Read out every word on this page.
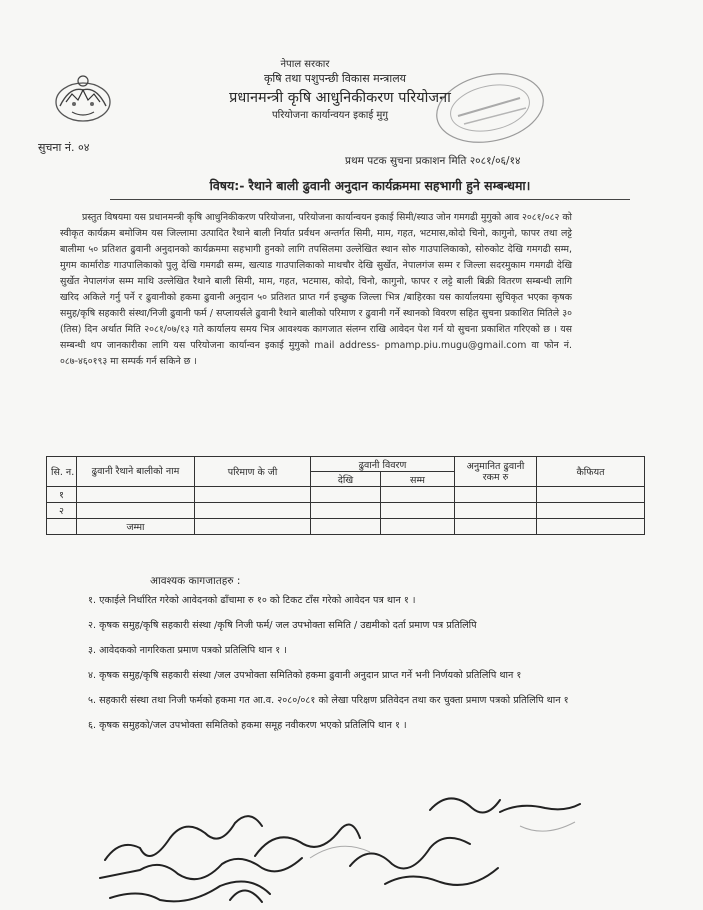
नेपाल सरकार
कृषि तथा पशुपन्छी विकास मन्त्रालय
प्रधानमन्त्री कृषि आधुनिकीकरण परियोजना
परियोजना कार्यान्वयन इकाई मुगु
सुचना नं. ०४
प्रथम पटक सुचना प्रकाशन मिति २०८१/०६/१४
विषय:- रैथाने बाली ढुवानी अनुदान कार्यक्रममा सहभागी हुने सम्बन्धमा।
प्रस्तुत विषयमा यस प्रधानमन्त्री कृषि आधुनिकीकरण परियोजना, परियोजना कार्यान्वयन इकाई सिमी/स्याउ जोन गमगढी मुगुको आव २०८१/०८२ को स्वीकृत कार्यक्रम बमोजिम यस जिल्लामा उत्पादित रैथाने बाली निर्यात प्रर्वधन अन्तर्गत सिमी, माम, गहत, भटमास,कोदो चिनो, कागुनो, फापर तथा लट्टे बालीमा ५० प्रतिशत ढुवानी अनुदानको कार्यक्रममा सहभागी हुनको लागि तपसिलमा उल्लेखित स्थान सोरु गाउपालिकाको, सोरुकोट देखि गमगढी सम्म, मुगम कार्मारोङ गाउपालिकाको पुलु देखि गमगढी सम्म, खत्याड गाउपालिकाको माथचौर देखि सुर्खेत, नेपालगंज सम्म र जिल्ला सदरमुकाम गमगढी देखि सुर्खेत नेपालगंज सम्म माथि उल्लेखित रैथाने बाली सिमी, माम, गहत, भटमास, कोदो, चिनो, कागुनो, फापर र लट्टे बाली बिक्री वितरण सम्बन्धी लागि खरिद अकिले गर्नु पर्ने र ढुवानीको हकमा ढुवानी अनुदान ५० प्रतिशत प्राप्त गर्न इच्छुक जिल्ला भित्र /बाहिरका यस कार्यालयमा सुचिकृत भएका कृषक समुह/कृषि सहकारी संस्था/निजी ढुवानी फर्म / सप्लायर्सले ढुवानी रैथाने बालीको परिमाण र ढुवानी गर्ने स्थानको विवरण सहित सुचना प्रकाशित मितिले ३० (तिस) दिन अर्थात मिति २०८१/०७/१३ गते कार्यालय समय भित्र आवश्यक कागजात संलग्न राखि आवेदन पेश गर्न यो सुचना प्रकाशित गरिएको छ । यस सम्बन्धी थप जानकारीका लागि यस परियोजना कार्यान्वन इकाई मुगुको mail address- pmamp.piu.mugu@gmail.com वा फोन नं. ०८७-४६०१९३ मा सम्पर्क गर्न सकिने छ ।
सि. न.	ढुवानी रैथाने बालीको नाम	परिमाण के जी	ढुवानी विवरण		अनुमानित ढुवानी रकम रु	कैफियत
			देखि	सम्म		
१						
२						
	जम्मा					
आवश्यक कागजातहरु :
१. एकाईले निर्धारित गरेको आवेदनको ढाँचामा रु १० को टिकट टाँस गरेको आवेदन पत्र थान १ ।
२. कृषक समुह/कृषि सहकारी संस्था /कृषि निजी फर्म/ जल उपभोक्ता समिति / उद्यमीको दर्ता प्रमाण पत्र प्रतिलिपि
३. आवेदकको नागरिकता प्रमाण पत्रको प्रतिलिपि थान १ ।
४. कृषक समुह/कृषि सहकारी संस्था /जल उपभोक्ता समितिको हकमा ढुवानी अनुदान प्राप्त गर्ने भनी निर्णयको प्रतिलिपि थान १
५. सहकारी संस्था तथा निजी फर्मको हकमा गत आ.व. २०८०/०८१ को लेखा परिक्षण प्रतिवेदन तथा कर चुक्ता प्रमाण पत्रको प्रतिलिपि थान १
६. कृषक समुहको/जल उपभोक्ता समितिको हकमा समूह नवीकरण भएको प्रतिलिपि थान १ ।
